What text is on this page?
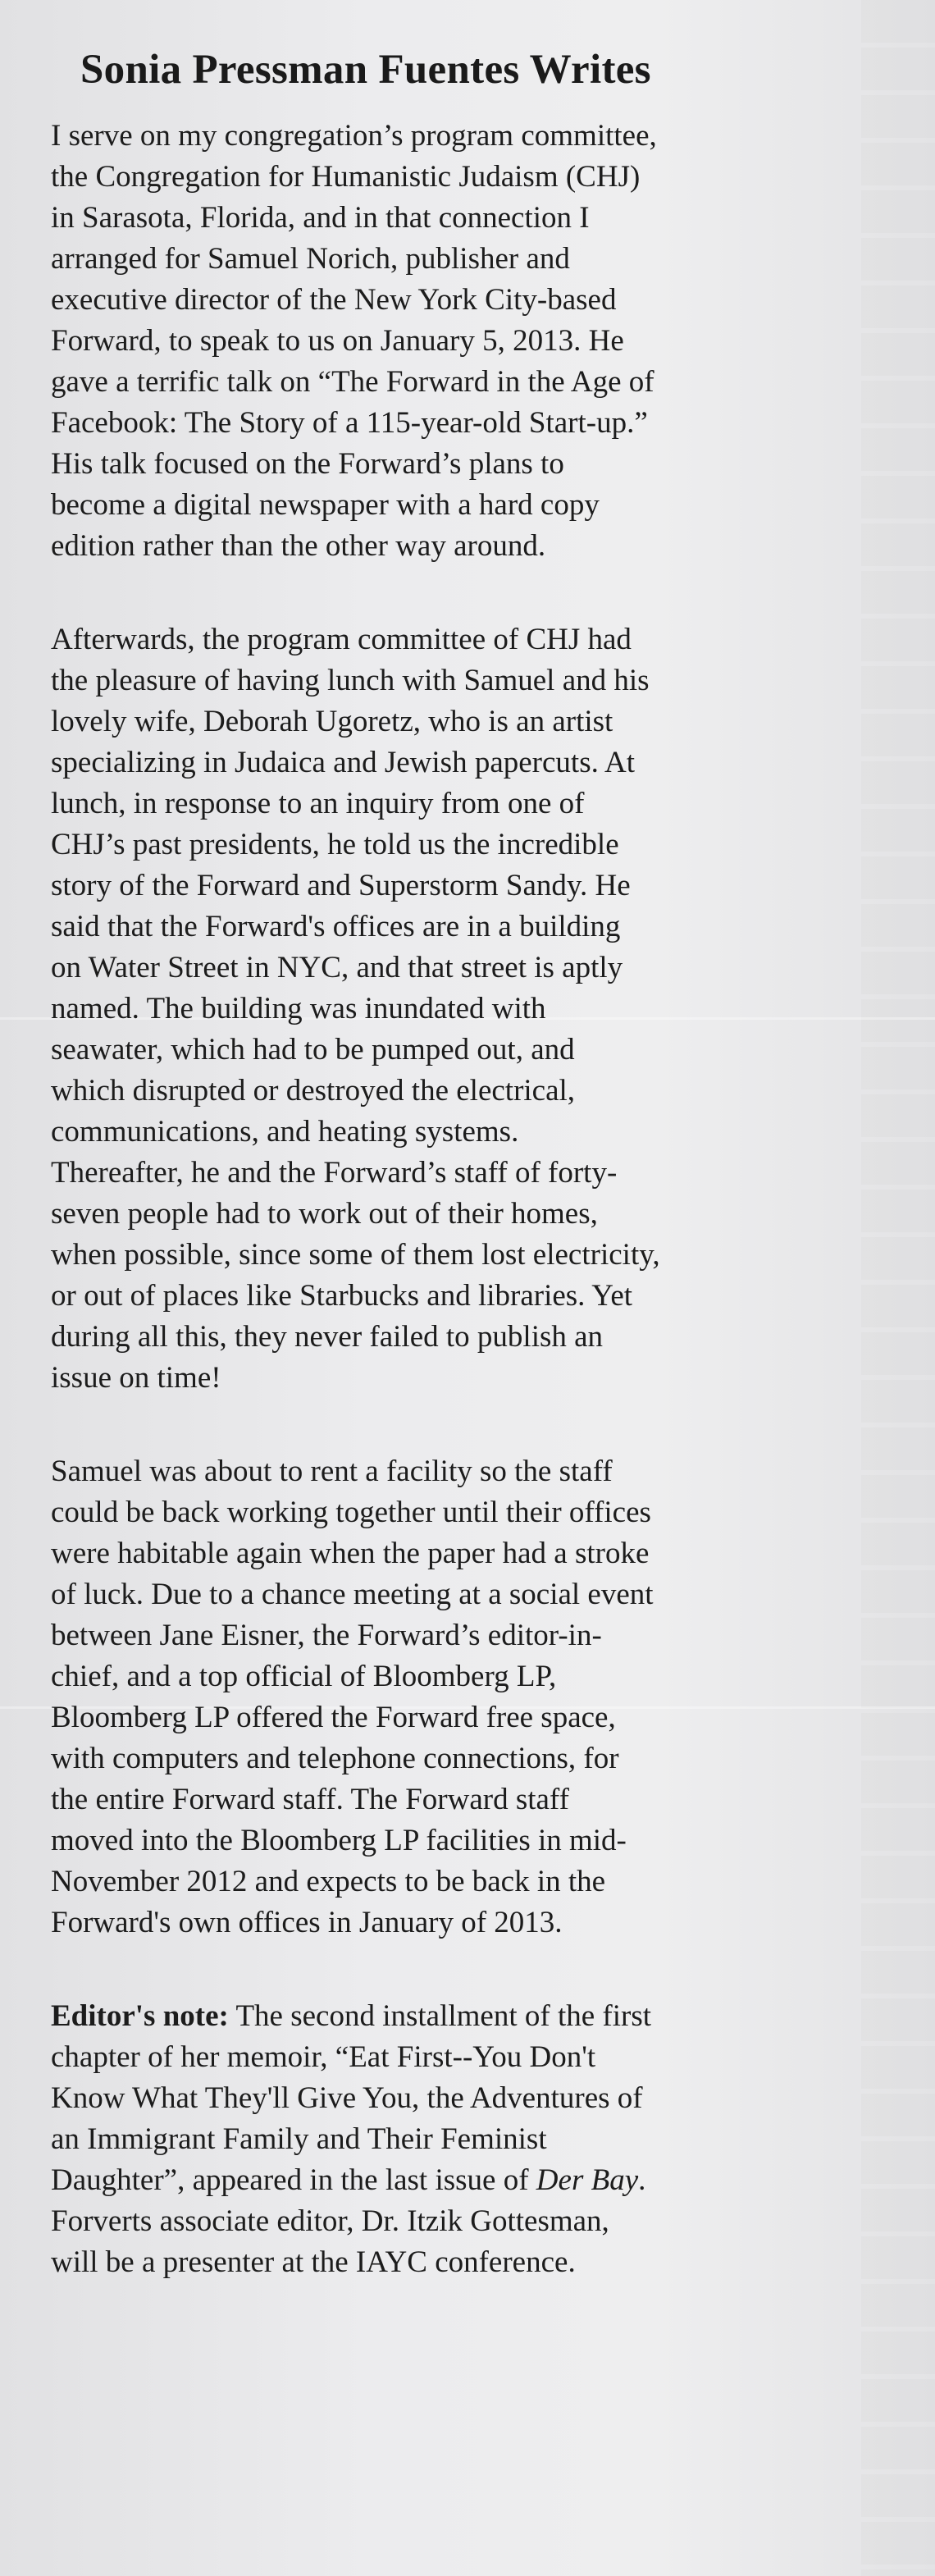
Sonia Pressman Fuentes Writes
I serve on my congregation’s program committee,
the Congregation for Humanistic Judaism (CHJ)
in Sarasota, Florida, and in that connection I
arranged for Samuel Norich, publisher and
executive director of the New York City-based
Forward, to speak to us on January 5, 2013. He
gave a terrific talk on “The Forward in the Age of
Facebook: The Story of a 115-year-old Start-up.”
His talk focused on the Forward’s plans to
become a digital newspaper with a hard copy
edition rather than the other way around.
Afterwards, the program committee of CHJ had
the pleasure of having lunch with Samuel and his
lovely wife, Deborah Ugoretz, who is an artist
specializing in Judaica and Jewish papercuts. At
lunch, in response to an inquiry from one of
CHJ’s past presidents, he told us the incredible
story of the Forward and Superstorm Sandy. He
said that the Forward's offices are in a building
on Water Street in NYC, and that street is aptly
named. The building was inundated with
seawater, which had to be pumped out, and
which disrupted or destroyed the electrical,
communications, and heating systems.
Thereafter, he and the Forward’s staff of forty-
seven people had to work out of their homes,
when possible, since some of them lost electricity,
or out of places like Starbucks and libraries. Yet
during all this, they never failed to publish an
issue on time!
Samuel was about to rent a facility so the staff
could be back working together until their offices
were habitable again when the paper had a stroke
of luck. Due to a chance meeting at a social event
between Jane Eisner, the Forward’s editor-in-
chief, and a top official of Bloomberg LP,
Bloomberg LP offered the Forward free space,
with computers and telephone connections, for
the entire Forward staff. The Forward staff
moved into the Bloomberg LP facilities in mid-
November 2012 and expects to be back in the
Forward's own offices in January of 2013.
Editor's note: The second installment of the first
chapter of her memoir, “Eat First--You Don't
Know What They'll Give You, the Adventures of
an Immigrant Family and Their Feminist
Daughter”, appeared in the last issue of Der Bay.
Forverts associate editor, Dr. Itzik Gottesman,
will be a presenter at the IAYC conference.
